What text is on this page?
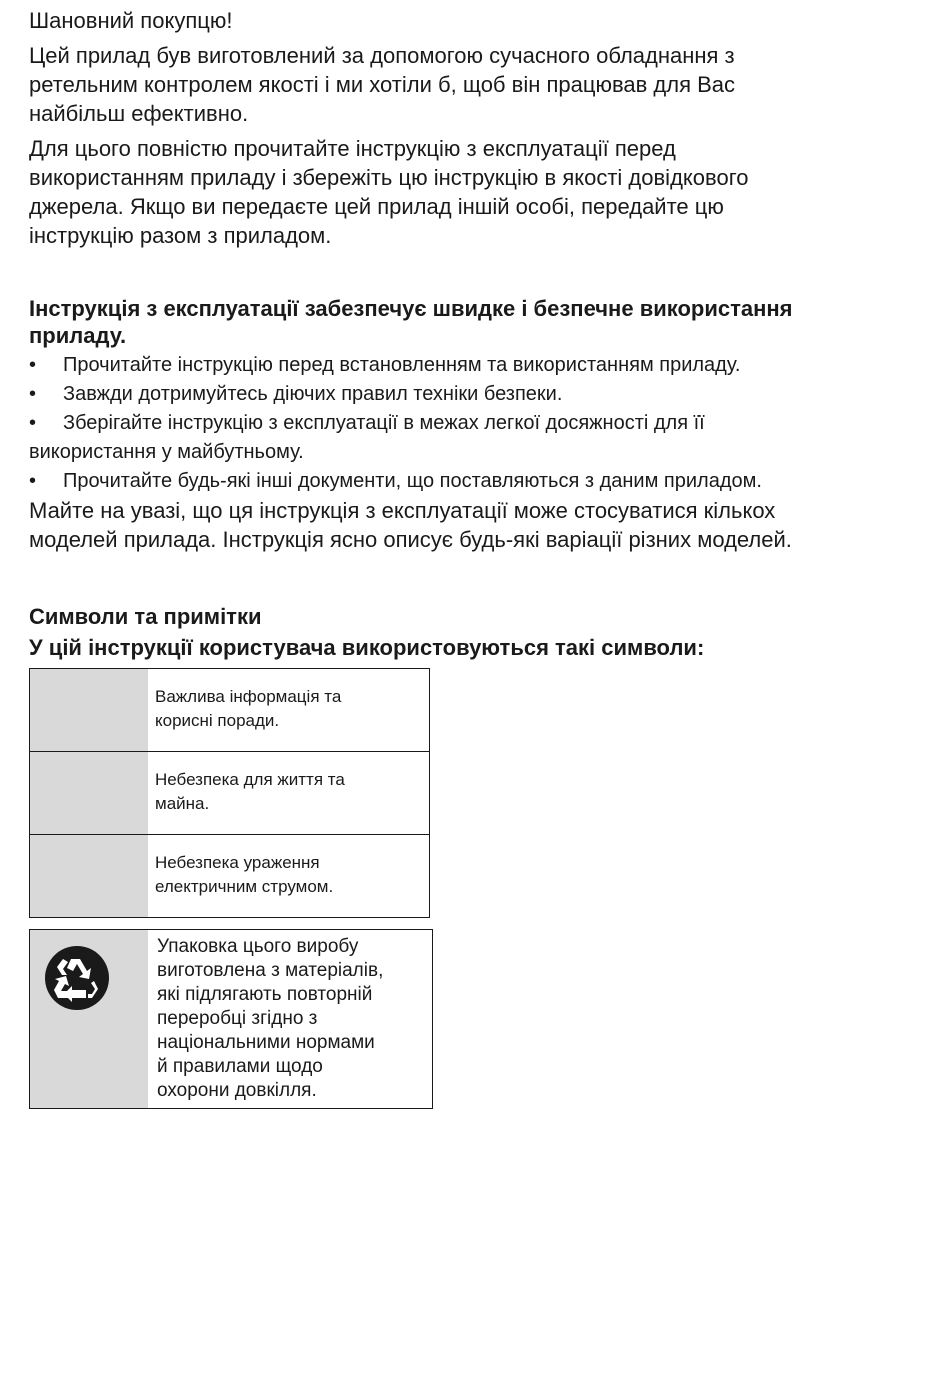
Шановний покупцю!

Цей прилад був виготовлений за допомогою сучасного обладнання з

ретельним контролем якості і ми хотіли б, щоб він працював для Вас

найбільш ефективно.

Для цього повністю прочитайте інструкцію з експлуатації перед

використанням приладу і збережіть цю інструкцію в якості довідкового

джерела. Якщо ви передаєте цей прилад іншій особі, передайте цю

інструкцію разом з приладом.

Інструкція з експлуатації забезпечує швидке і безпечне використання

приладу.

• Прочитайте інструкцію перед встановленням та використанням приладу.
• Завжди дотримуйтесь діючих правил техніки безпеки.
• Зберігайте інструкцію з експлуатації в межах легкої досяжності для її
використання у майбутньому.
• Прочитайте будь-які інші документи, що поставляються з даним приладом.

Майте на увазі, що ця інструкція з експлуатації може стосуватися кількох

моделей прилада. Інструкція ясно описує будь-які варіації різних моделей.

Символи та примітки

У цій інструкції користувача використовуються такі символи:

Важлива інформація та
корисні поради.
Небезпека для життя та
майна.
Небезпека ураження
електричним струмом.
Упаковка цього виробу
виготовлена з матеріалів,
які підлягають повторній
переробці згідно з
національними нормами
й правилами щодо
охорони довкілля.
